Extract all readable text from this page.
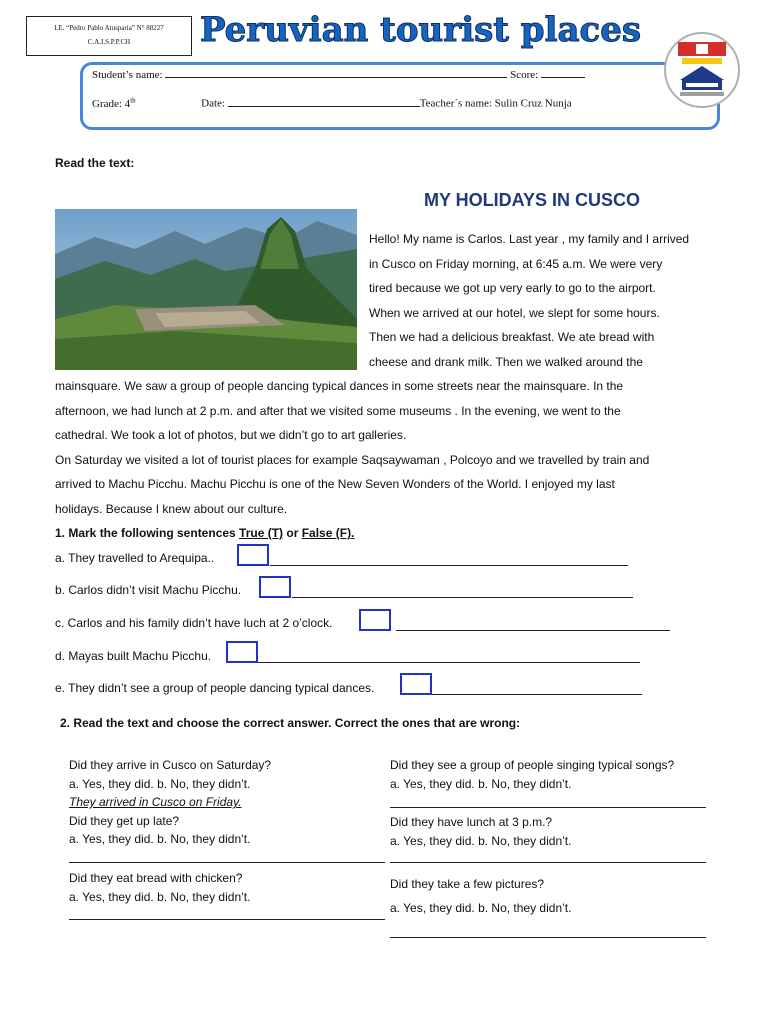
I.E. “Pedro Pablo Atusparia” N° 88227
C.A.I.S.P.P.CH	Peruvian tourist places
Student’s name:	Score:
Grade: 4th	Date:	Teacher´s name: Sulin Cruz Nunja
Read the text:
MY HOLIDAYS IN CUSCO
Hello! My name is Carlos. Last year , my family and I arrived
in Cusco on Friday morning, at 6:45 a.m. We were very
tired because we got up very early to go to the airport.
When we arrived at our hotel, we slept for some hours.
Then we had a delicious breakfast. We ate bread with
cheese and drank milk. Then we walked around the
mainsquare. We saw a group of people dancing typical dances in some streets near the mainsquare. In the
afternoon, we had lunch at 2 p.m. and after that we visited some museums . In the evening, we went to the
cathedral. We took a lot of photos, but we didn’t go to art galleries.
On Saturday we visited a lot of tourist places for example Saqsaywaman , Polcoyo and we travelled by train and
arrived to Machu Picchu. Machu Picchu is one of the New Seven Wonders of the World. I enjoyed my last
holidays. Because I knew about our culture.
1. Mark the following sentences True (T) or False (F).
a. They travelled to Arequipa..
b. Carlos didn’t visit Machu Picchu.
c. Carlos and his family didn’t have luch at 2 o’clock.
d. Mayas built Machu Picchu.
e. They didn’t see a group of people dancing typical dances.
2. Read the text and choose the correct answer. Correct the ones that are wrong:
Did they arrive in Cusco on Saturday?
a. Yes, they did. b. No, they didn’t.
They arrived in Cusco on Friday.
Did they get up late?
a. Yes, they did. b. No, they didn’t.
Did they eat bread with chicken?
a. Yes, they did. b. No, they didn’t.
Did they see a group of people singing typical songs?
a. Yes, they did. b. No, they didn’t.
Did they have lunch at 3 p.m.?
a. Yes, they did. b. No, they didn’t.
Did they take a few pictures?
a. Yes, they did. b. No, they didn’t.
